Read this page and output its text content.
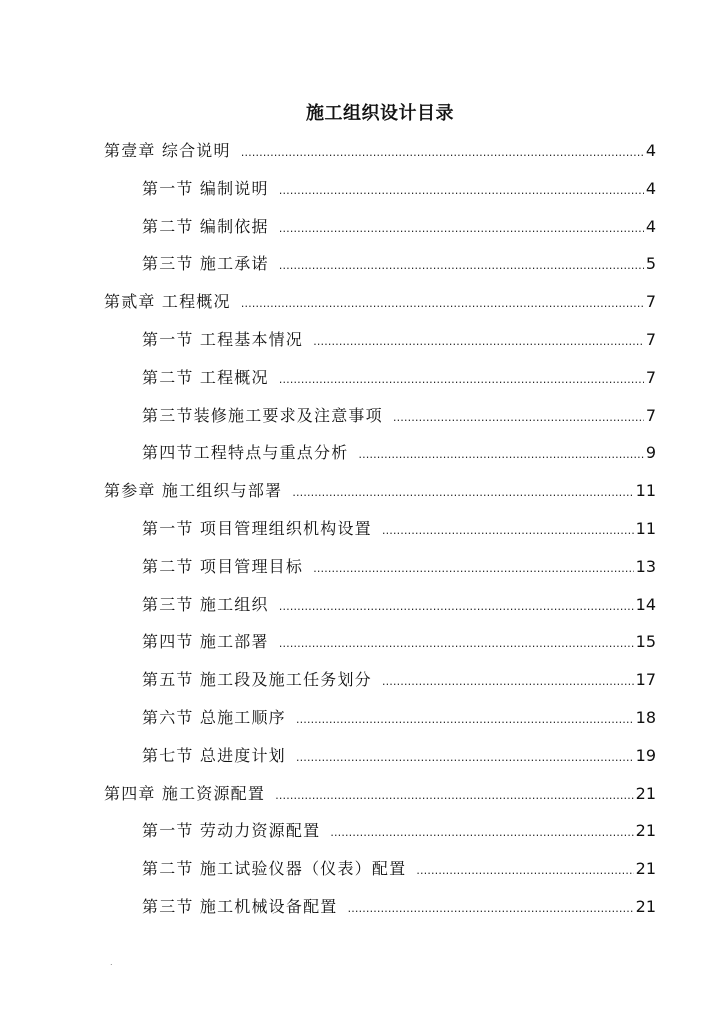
施工组织设计目录
第壹章 综合说明 ……………………………………………………………………………………………………………………………………………………	4
第一节 编制说明 ……………………………………………………………………………………………………………………………………………………	4
第二节 编制依据 ……………………………………………………………………………………………………………………………………………………	4
第三节 施工承诺 ……………………………………………………………………………………………………………………………………………………	5
第贰章 工程概况 ……………………………………………………………………………………………………………………………………………………	7
第一节 工程基本情况 ……………………………………………………………………………………………………………………………………………………	7
第二节 工程概况 ……………………………………………………………………………………………………………………………………………………	7
第三节装修施工要求及注意事项 ……………………………………………………………………………………………………………………………………………………	7
第四节工程特点与重点分析 ……………………………………………………………………………………………………………………………………………………	9
第参章 施工组织与部署 ……………………………………………………………………………………………………………………………………………………	11
第一节 项目管理组织机构设置 ……………………………………………………………………………………………………………………………………………………	11
第二节 项目管理目标 ……………………………………………………………………………………………………………………………………………………	13
第三节 施工组织 ……………………………………………………………………………………………………………………………………………………	14
第四节 施工部署 ……………………………………………………………………………………………………………………………………………………	15
第五节 施工段及施工任务划分 ……………………………………………………………………………………………………………………………………………………	17
第六节 总施工顺序 ……………………………………………………………………………………………………………………………………………………	18
第七节 总进度计划 ……………………………………………………………………………………………………………………………………………………	19
第四章 施工资源配置 ……………………………………………………………………………………………………………………………………………………	21
第一节 劳动力资源配置 ……………………………………………………………………………………………………………………………………………………	21
第二节 施工试验仪器（仪表）配置 ……………………………………………………………………………………………………………………………………………………	21
第三节 施工机械设备配置 ……………………………………………………………………………………………………………………………………………………	21
.
